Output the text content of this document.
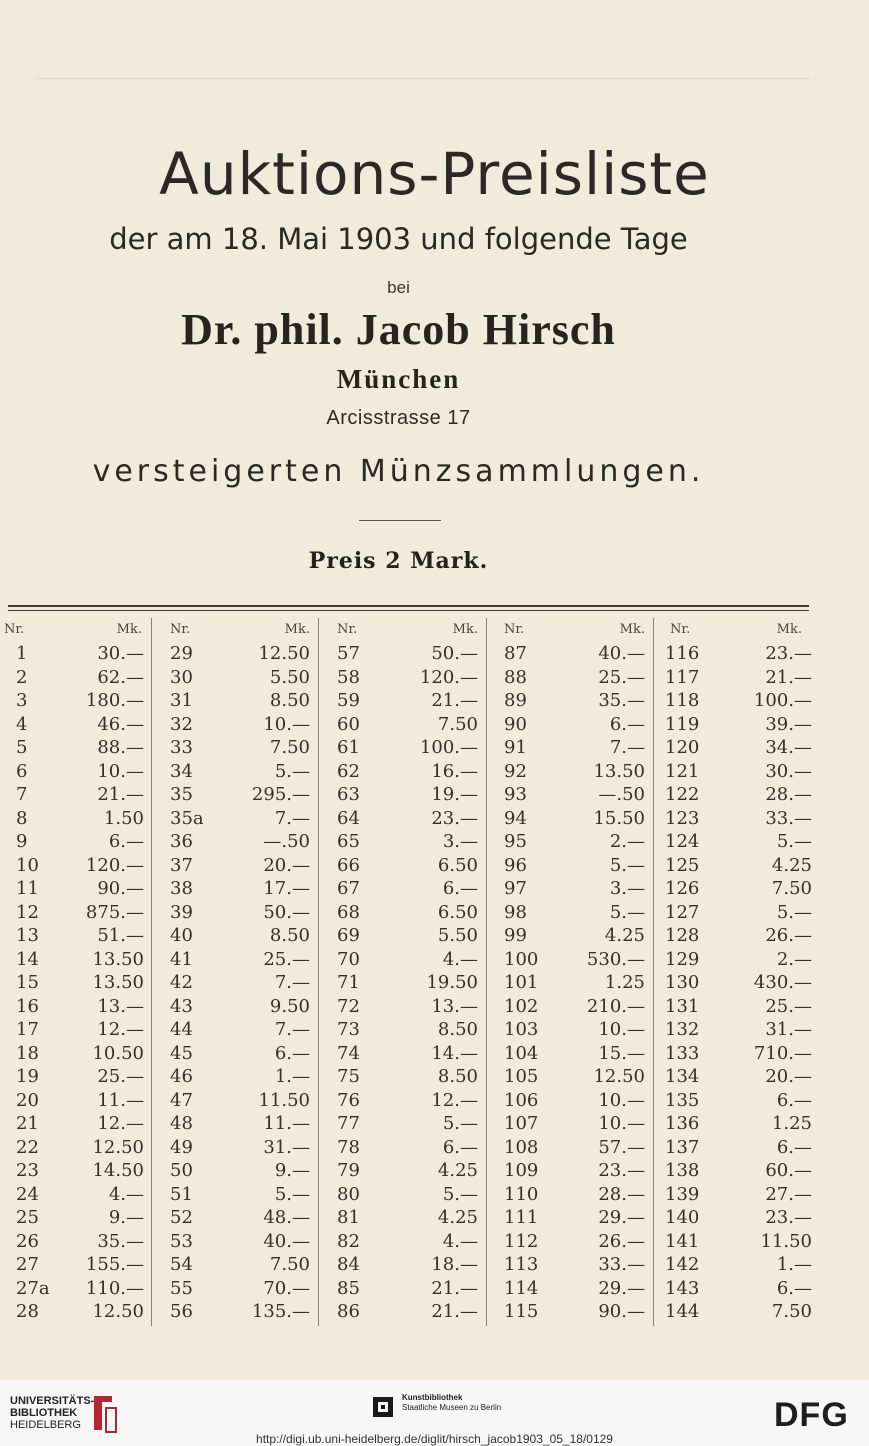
Auktions-Preisliste
der am 18. Mai 1903 und folgende Tage
bei
Dr. phil. Jacob Hirsch
München
Arcisstrasse 17
versteigerten Münzsammlungen.
Preis 2 Mark.
Nr.	Mk. Nr.	Mk. Nr.	Mk. Nr.	Mk. Nr.	Mk.
1	30.— 29	12.50 57	50.— 87	40.— 116	23.—
2	62.— 30	5.50 58	120.— 88	25.— 117	21.—
3	180.— 31	8.50 59	21.— 89	35.— 118	100.—
4	46.— 32	10.— 60	7.50 90	6.— 119	39.—
5	88.— 33	7.50 61	100.— 91	7.— 120	34.—
6	10.— 34	5.— 62	16.— 92	13.50 121	30.—
7	21.— 35	295.— 63	19.— 93	—.50 122	28.—
8	1.50 35a	7.— 64	23.— 94	15.50 123	33.—
9	6.— 36	—.50 65	3.— 95	2.— 124	5.—
10	120.— 37	20.— 66	6.50 96	5.— 125	4.25
11	90.— 38	17.— 67	6.— 97	3.— 126	7.50
12	875.— 39	50.— 68	6.50 98	5.— 127	5.—
13	51.— 40	8.50 69	5.50 99	4.25 128	26.—
14	13.50 41	25.— 70	4.— 100	530.— 129	2.—
15	13.50 42	7.— 71	19.50 101	1.25 130	430.—
16	13.— 43	9.50 72	13.— 102	210.— 131	25.—
17	12.— 44	7.— 73	8.50 103	10.— 132	31.—
18	10.50 45	6.— 74	14.— 104	15.— 133	710.—
19	25.— 46	1.— 75	8.50 105	12.50 134	20.—
20	11.— 47	11.50 76	12.— 106	10.— 135	6.—
21	12.— 48	11.— 77	5.— 107	10.— 136	1.25
22	12.50 49	31.— 78	6.— 108	57.— 137	6.—
23	14.50 50	9.— 79	4.25 109	23.— 138	60.—
24	4.— 51	5.— 80	5.— 110	28.— 139	27.—
25	9.— 52	48.— 81	4.25 111	29.— 140	23.—
26	35.— 53	40.— 82	4.— 112	26.— 141	11.50
27	155.— 54	7.50 84	18.— 113	33.— 142	1.—
27a	110.— 55	70.— 85	21.— 114	29.— 143	6.—
28	12.50 56	135.— 86	21.— 115	90.— 144	7.50
UNIVERSITÄTS-
BIBLIOTHEK
HEIDELBERG
Kunstbibliothek
Staatliche Museen zu Berlin	DFG
http://digi.ub.uni-heidelberg.de/diglit/hirsch_jacob1903_05_18/0129
